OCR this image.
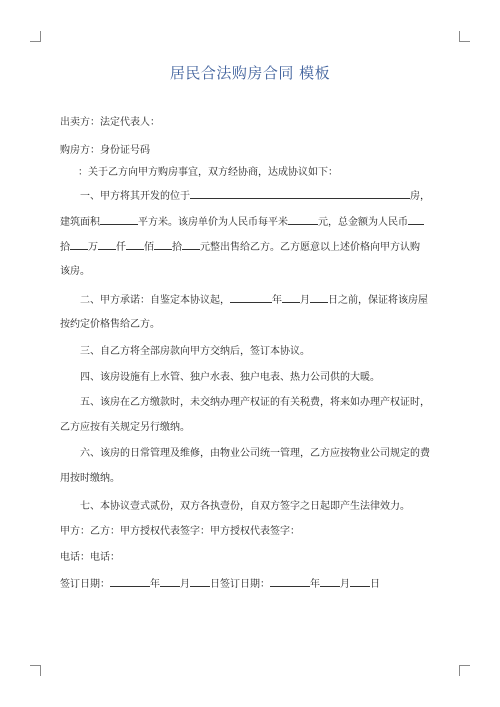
居民合法购房合同 模板
出卖方：法定代表人：
购房方：身份证号码
：关于乙方向甲方购房事宜，双方经协商，达成协议如下：
一、甲方将其开发的位于	房，
建筑面积	平方米。该房单价为人民币每平米	元，总金额为人民币
拾 万 仟 佰 拾 元整出售给乙方。乙方愿意以上述价格向甲方认购
该房。
二、甲方承诺：自鉴定本协议起，	年 月 日之前，保证将该房屋
按约定价格售给乙方。
三、自乙方将全部房款向甲方交纳后，签订本协议。
四、该房设施有上水管、独户水表、独户电表、热力公司供的大暖。
五、该房在乙方缴款时，未交纳办理产权证的有关税费，将来如办理产权证时，
乙方应按有关规定另行缴纳。
六、该房的日常管理及维修，由物业公司统一管理，乙方应按物业公司规定的费
用按时缴纳。
七、本协议壹式贰份，双方各执壹份，自双方签字之日起即产生法律效力。
甲方：乙方：甲方授权代表签字：甲方授权代表签字：
电话：电话：
签订日期：	年 月 日签订日期：	年 月 日
